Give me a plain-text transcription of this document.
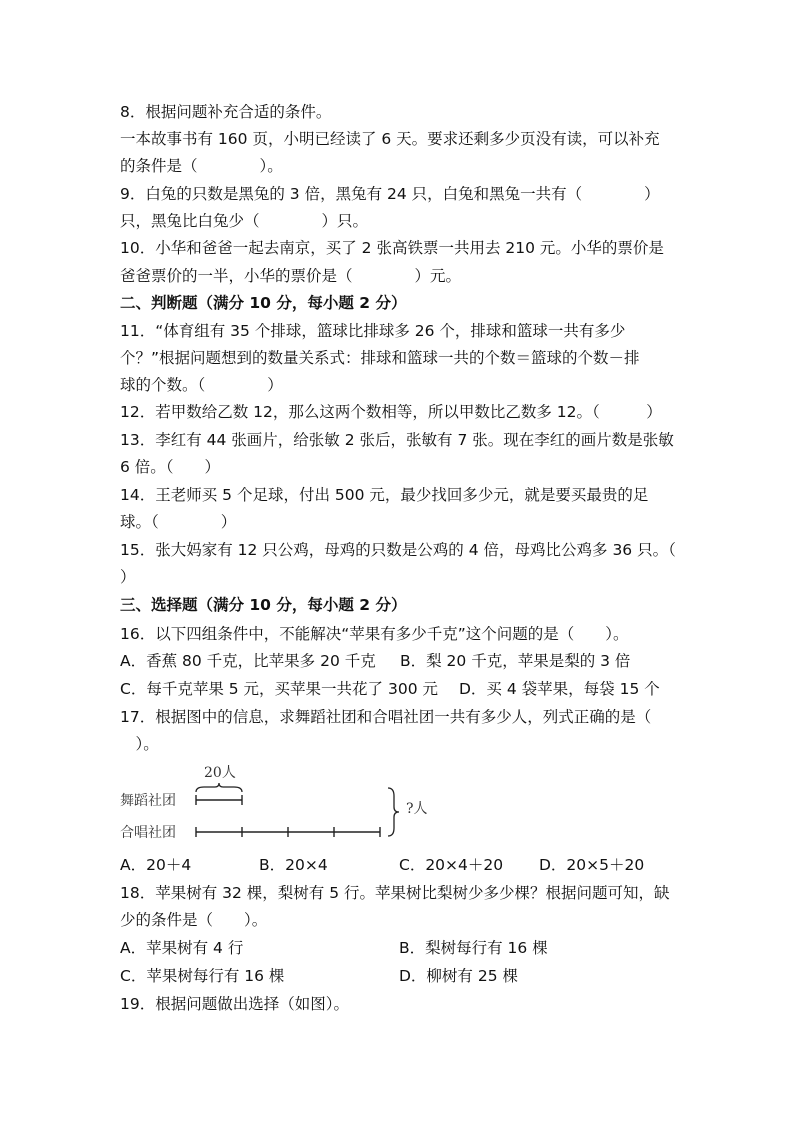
8．根据问题补充合适的条件。
一本故事书有 160 页，小明已经读了 6 天。要求还剩多少页没有读，可以补充
的条件是（　　　　）。
9．白兔的只数是黑兔的 3 倍，黑兔有 24 只，白兔和黑兔一共有（　　　　）
只，黑兔比白兔少（　　　　）只。
10．小华和爸爸一起去南京，买了 2 张高铁票一共用去 210 元。小华的票价是
爸爸票价的一半，小华的票价是（　　　　）元。
二、判断题（满分 10 分，每小题 2 分）
11．“体育组有 35 个排球，篮球比排球多 26 个，排球和篮球一共有多少
个？”根据问题想到的数量关系式：排球和篮球一共的个数＝篮球的个数－排
球的个数。（　　　　）
12．若甲数给乙数 12，那么这两个数相等，所以甲数比乙数多 12。（　　　）
13．李红有 44 张画片，给张敏 2 张后，张敏有 7 张。现在李红的画片数是张敏
6 倍。（　　）
14．王老师买 5 个足球，付出 500 元，最少找回多少元，就是要买最贵的足
球。（　　　　）
15．张大妈家有 12 只公鸡，母鸡的只数是公鸡的 4 倍，母鸡比公鸡多 36 只。（
）
三、选择题（满分 10 分，每小题 2 分）
16．以下四组条件中，不能解决“苹果有多少千克”这个问题的是（　　）。
A．香蕉 80 千克，比苹果多 20 千克 B．梨 20 千克，苹果是梨的 3 倍
C．每千克苹果 5 元，买苹果一共花了 300 元 D．买 4 袋苹果，每袋 15 个
17．根据图中的信息，求舞蹈社团和合唱社团一共有多少人，列式正确的是（
　）。
20人
舞蹈社团
合唱社团
?人
A．20＋4	B．20×4	C．20×4＋20 D．20×5＋20
18．苹果树有 32 棵，梨树有 5 行。苹果树比梨树少多少棵？根据问题可知，缺
少的条件是（　　）。
A．苹果树有 4 行	B．梨树每行有 16 棵
C．苹果树每行有 16 棵	D．柳树有 25 棵
19．根据问题做出选择（如图）。
